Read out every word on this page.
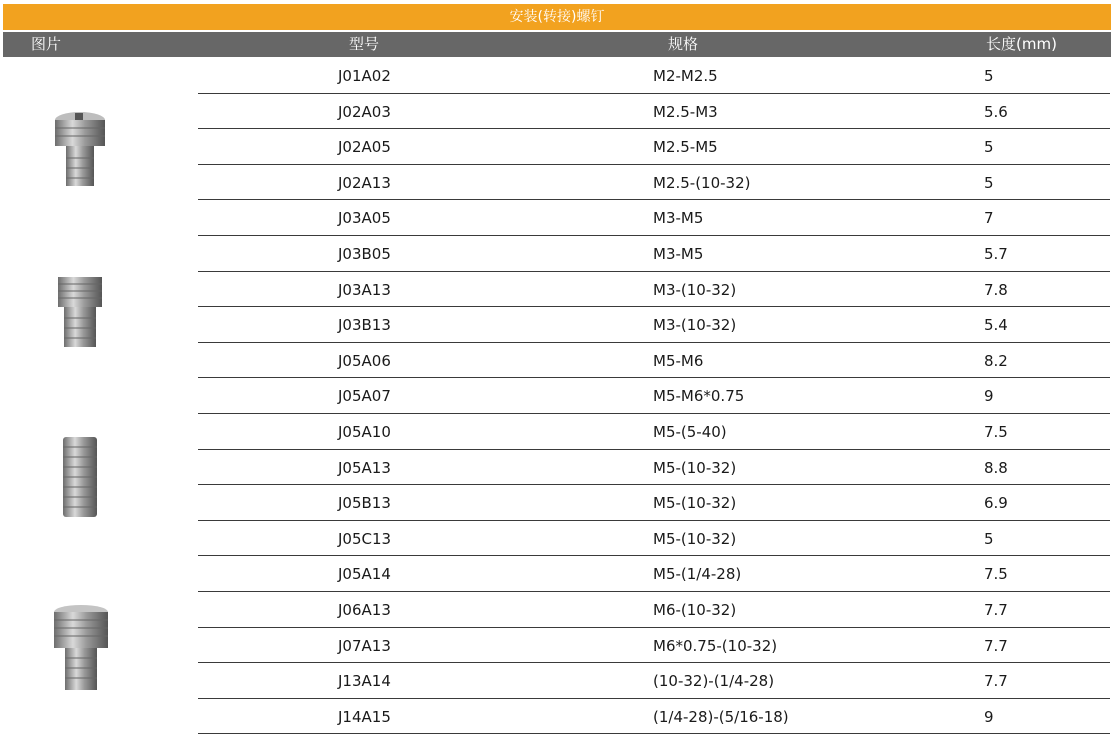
安装(转接)螺钉
图片	型号	规格	长度(mm)
J01A02	M2-M2.5	5
J02A03	M2.5-M3	5.6
J02A05	M2.5-M5	5
J02A13	M2.5-(10-32)	5
J03A05	M3-M5	7
J03B05	M3-M5	5.7
J03A13	M3-(10-32)	7.8
J03B13	M3-(10-32)	5.4
J05A06	M5-M6	8.2
J05A07	M5-M6*0.75	9
J05A10	M5-(5-40)	7.5
J05A13	M5-(10-32)	8.8
J05B13	M5-(10-32)	6.9
J05C13	M5-(10-32)	5
J05A14	M5-(1/4-28)	7.5
J06A13	M6-(10-32)	7.7
J07A13	M6*0.75-(10-32)	7.7
J13A14	(10-32)-(1/4-28)	7.7
J14A15	(1/4-28)-(5/16-18)	9
